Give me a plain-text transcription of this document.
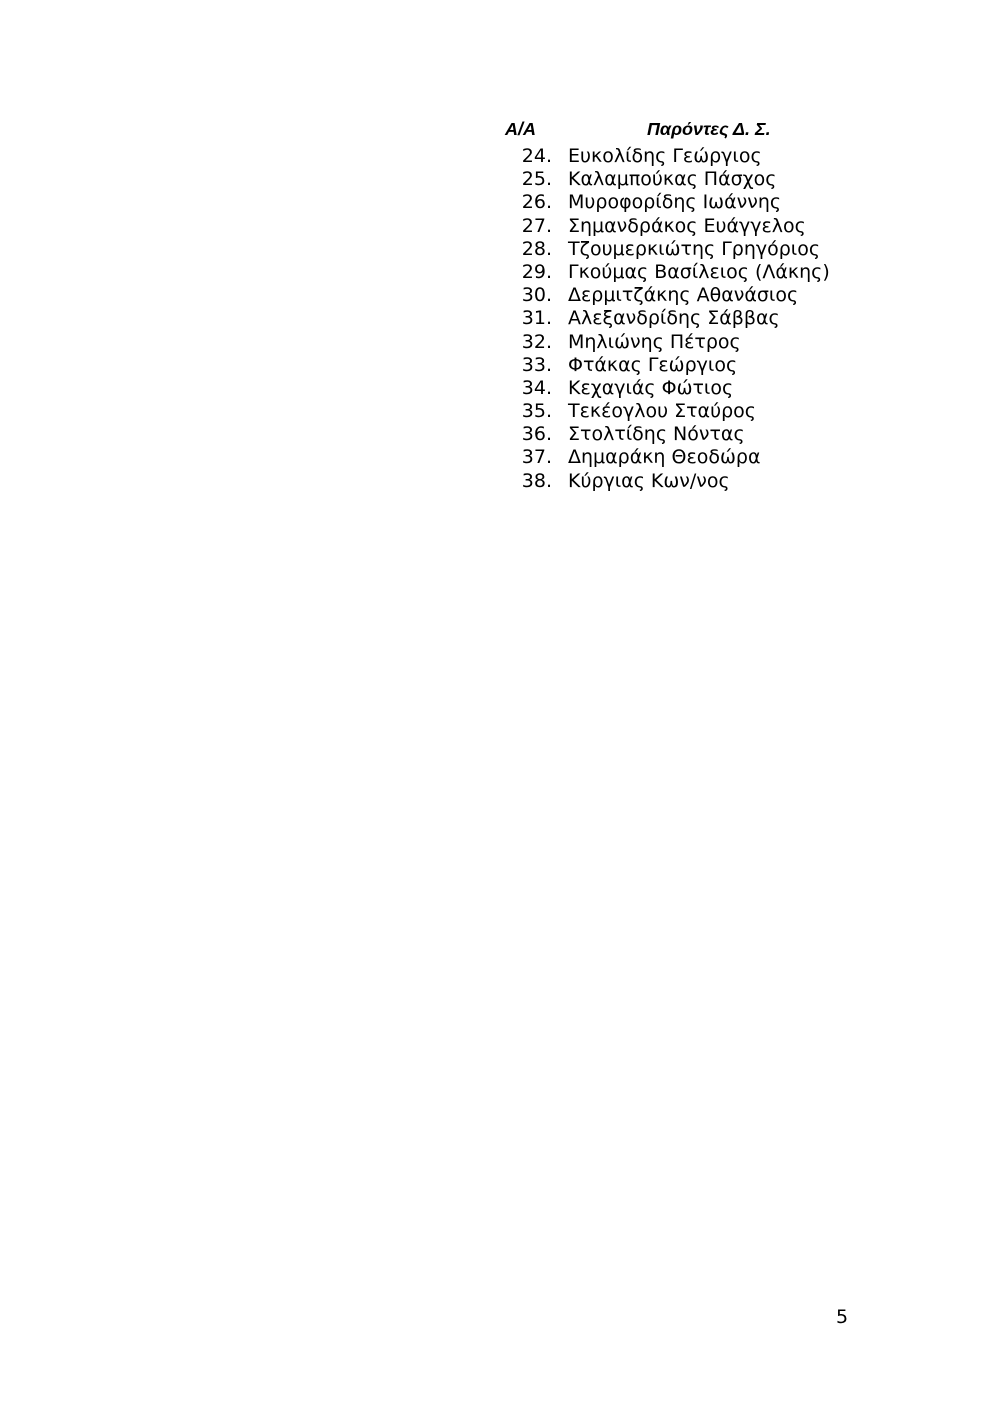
Α/Α	Παρόντες Δ. Σ.
24. Ευκολίδης Γεώργιος
25. Καλαμπούκας Πάσχος
26. Μυροφορίδης Ιωάννης
27. Σημανδράκος Ευάγγελος
28. Τζουμερκιώτης Γρηγόριος
29. Γκούμας Βασίλειος (Λάκης)
30. Δερμιτζάκης Αθανάσιος
31. Αλεξανδρίδης Σάββας
32. Μηλιώνης Πέτρος
33. Φτάκας Γεώργιος
34. Κεχαγιάς Φώτιος
35. Τεκέογλου Σταύρος
36. Στολτίδης Νόντας
37. Δημαράκη Θεοδώρα
38. Κύργιας Κων/νος
5
